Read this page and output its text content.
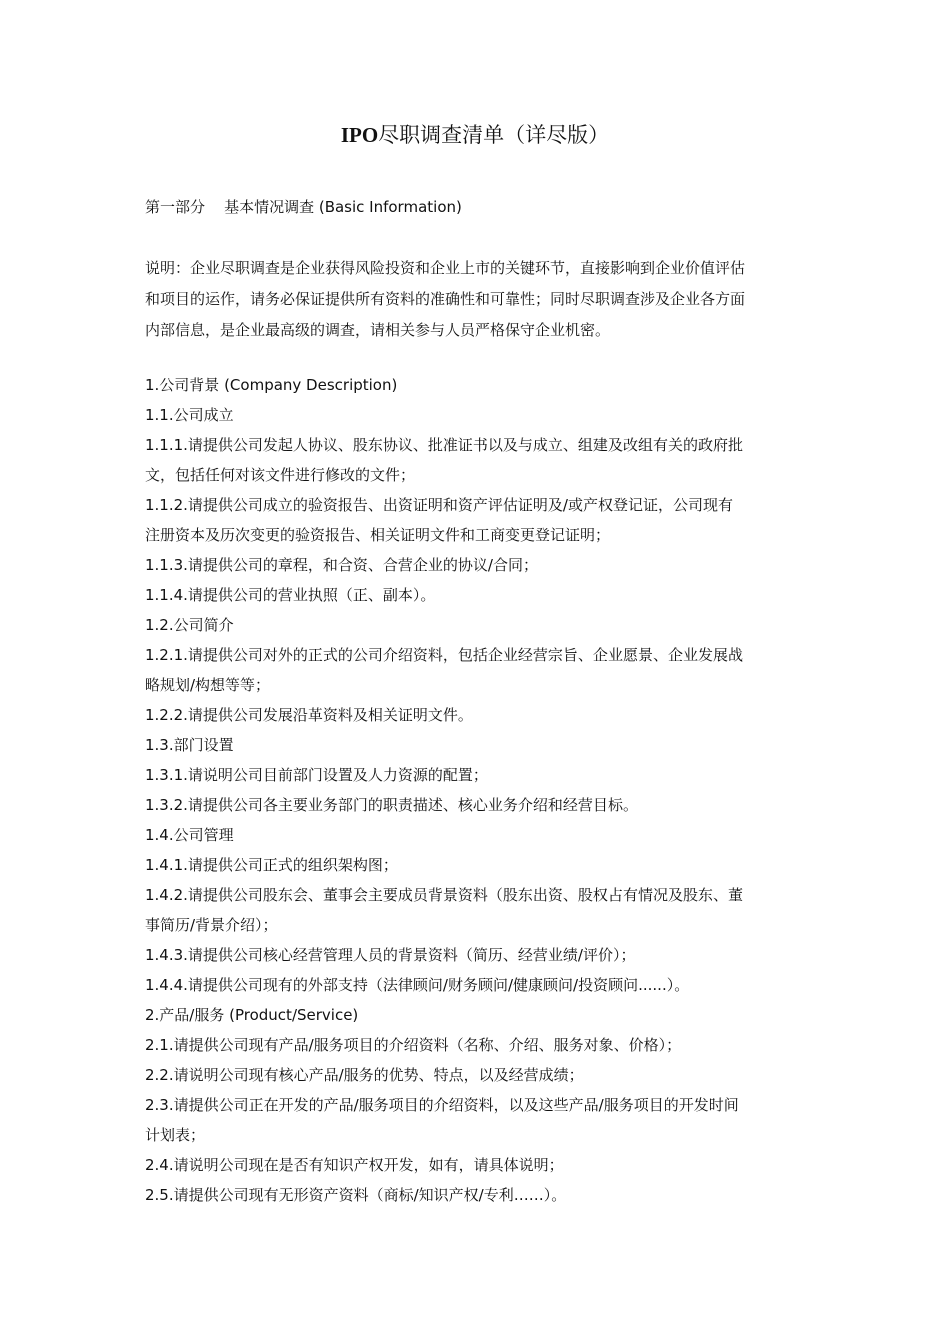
IPO尽职调查清单（详尽版）
第一部分    基本情况调查 (Basic Information)
说明：企业尽职调查是企业获得风险投资和企业上市的关键环节，直接影响到企业价值评估
和项目的运作，请务必保证提供所有资料的准确性和可靠性；同时尽职调查涉及企业各方面
内部信息，是企业最高级的调查，请相关参与人员严格保守企业机密。
1.公司背景 (Company Description)
1.1.公司成立
1.1.1.请提供公司发起人协议、股东协议、批准证书以及与成立、组建及改组有关的政府批
文，包括任何对该文件进行修改的文件；
1.1.2.请提供公司成立的验资报告、出资证明和资产评估证明及/或产权登记证，公司现有
注册资本及历次变更的验资报告、相关证明文件和工商变更登记证明；
1.1.3.请提供公司的章程，和合资、合营企业的协议/合同；
1.1.4.请提供公司的营业执照（正、副本）。
1.2.公司简介
1.2.1.请提供公司对外的正式的公司介绍资料，包括企业经营宗旨、企业愿景、企业发展战
略规划/构想等等；
1.2.2.请提供公司发展沿革资料及相关证明文件。
1.3.部门设置
1.3.1.请说明公司目前部门设置及人力资源的配置；
1.3.2.请提供公司各主要业务部门的职责描述、核心业务介绍和经营目标。
1.4.公司管理
1.4.1.请提供公司正式的组织架构图；
1.4.2.请提供公司股东会、董事会主要成员背景资料（股东出资、股权占有情况及股东、董
事简历/背景介绍）；
1.4.3.请提供公司核心经营管理人员的背景资料（简历、经营业绩/评价）；
1.4.4.请提供公司现有的外部支持（法律顾问/财务顾问/健康顾问/投资顾问......）。
2.产品/服务 (Product/Service)
2.1.请提供公司现有产品/服务项目的介绍资料（名称、介绍、服务对象、价格）；
2.2.请说明公司现有核心产品/服务的优势、特点，以及经营成绩；
2.3.请提供公司正在开发的产品/服务项目的介绍资料，以及这些产品/服务项目的开发时间
计划表；
2.4.请说明公司现在是否有知识产权开发，如有，请具体说明；
2.5.请提供公司现有无形资产资料（商标/知识产权/专利……）。
